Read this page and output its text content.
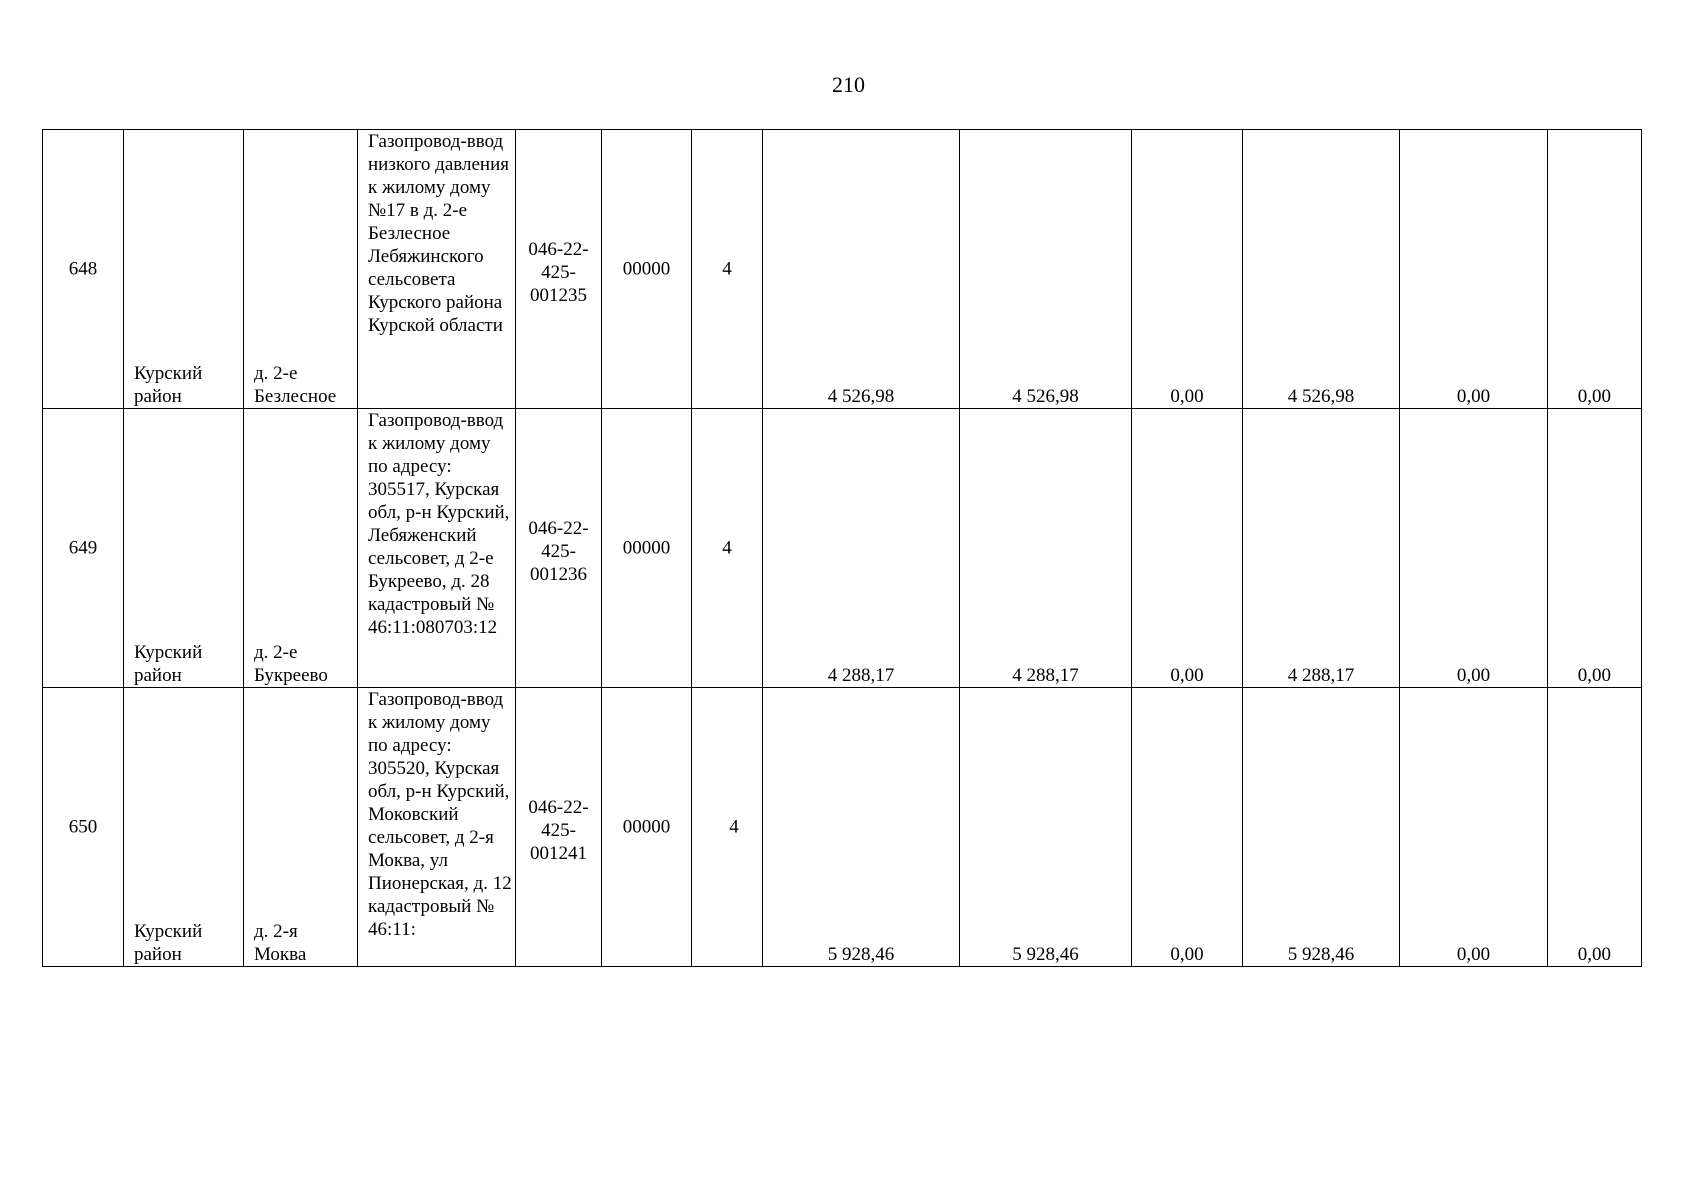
210
648	Курский район	д. 2-е Безлесное	Газопровод-ввод низкого давления к жилому дому №17 в д. 2-е Безлесное Лебяжинского сельсовета Курского района Курской области	046-22-425-001235	00000	4	4 526,98	4 526,98	0,00	4 526,98	0,00	0,00

649	Курский район	д. 2-е Букреево	Газопровод-ввод к жилому дому по адресу: 305517, Курская обл, р-н Курский, Лебяженский сельсовет, д 2-е Букреево, д. 28 кадастровый № 46:11:080703:12	046-22-425-001236	00000	4	4 288,17	4 288,17	0,00	4 288,17	0,00	0,00

650	Курский район	д. 2-я Моква	Газопровод-ввод к жилому дому по адресу: 305520, Курская обл, р-н Курский, Моковский сельсовет, д 2-я Моква, ул Пионерская, д. 12 кадастровый № 46:11:	046-22-425-001241	00000	4	5 928,46	5 928,46	0,00	5 928,46	0,00	0,00
